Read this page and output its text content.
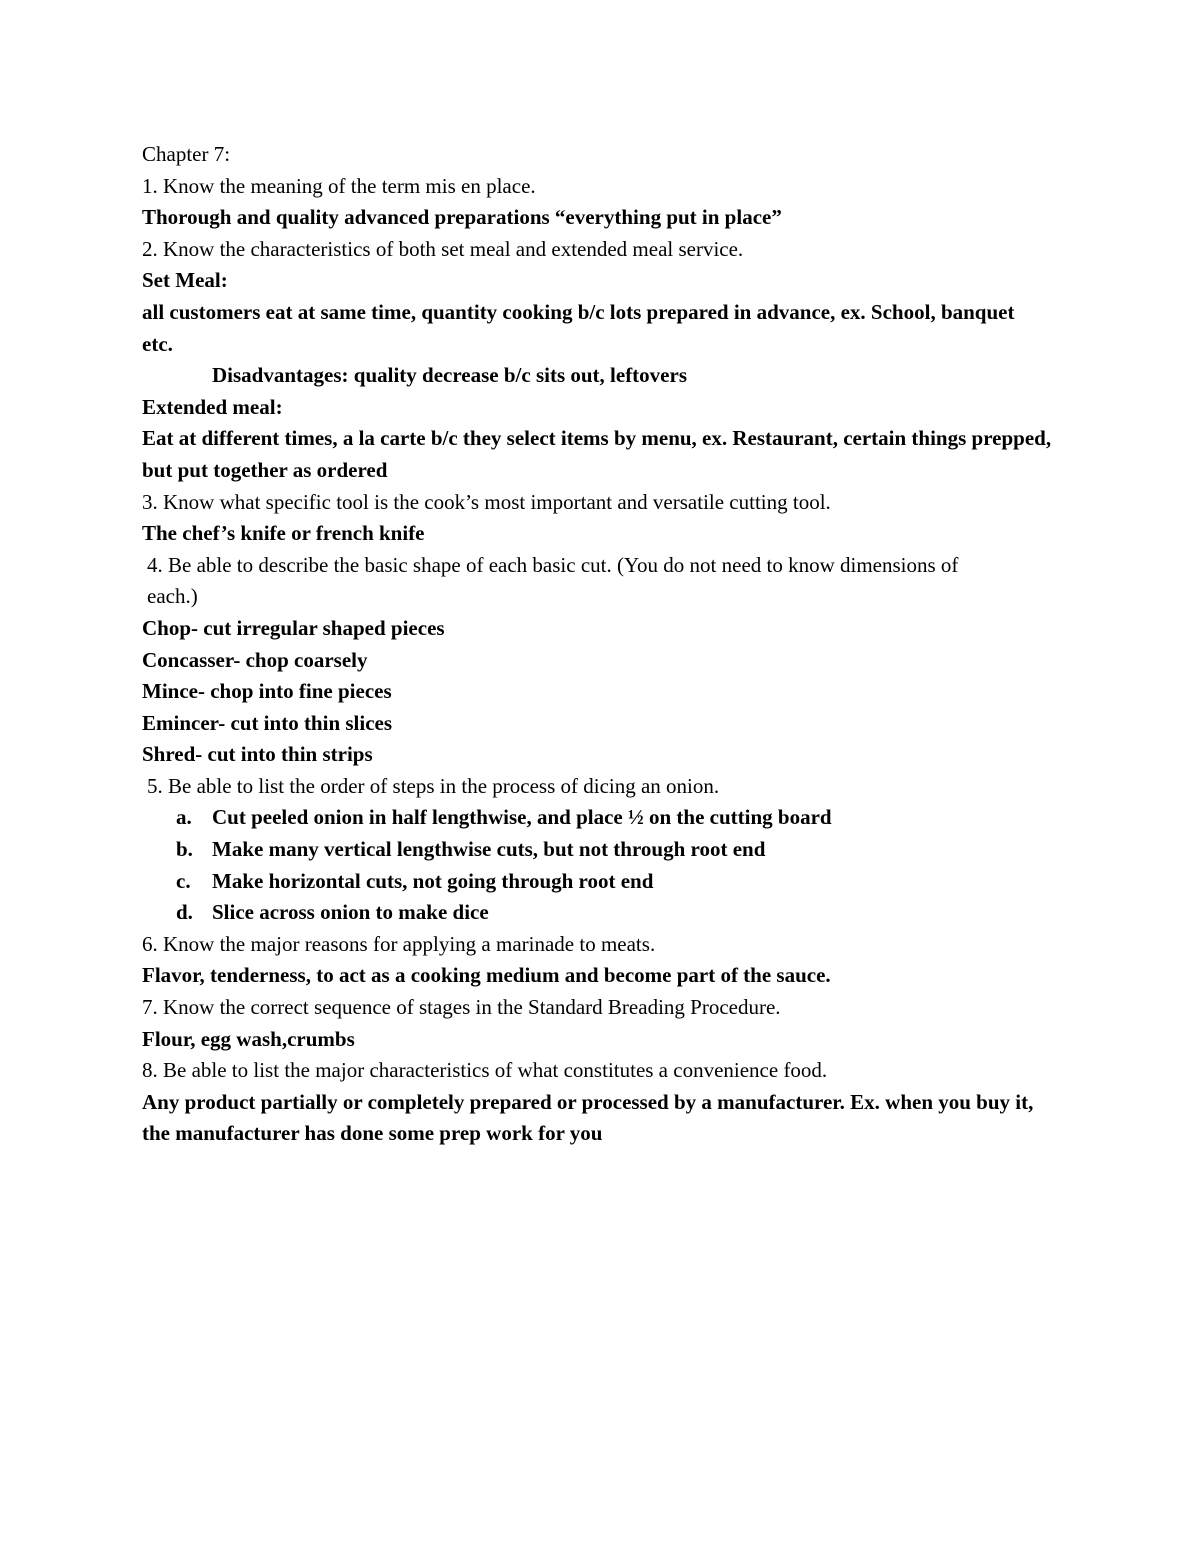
Chapter 7:

1. Know the meaning of the term mis en place.

Thorough and quality advanced preparations “everything put in place”

2. Know the characteristics of both set meal and extended meal service.

Set Meal:

all customers eat at same time, quantity cooking b/c lots prepared in advance, ex. School, banquet etc.

Disadvantages: quality decrease b/c sits out, leftovers

Extended meal:

Eat at different times, a la carte b/c they select items by menu, ex. Restaurant, certain things prepped, but put together as ordered

3. Know what specific tool is the cook’s most important and versatile cutting tool.

The chef’s knife or french knife

4. Be able to describe the basic shape of each basic cut. (You do not need to know dimensions of each.)

Chop- cut irregular shaped pieces

Concasser- chop coarsely

Mince- chop into fine pieces

Emincer- cut into thin slices

Shred- cut into thin strips

5. Be able to list the order of steps in the process of dicing an onion.

a. Cut peeled onion in half lengthwise, and place ½ on the cutting board
b. Make many vertical lengthwise cuts, but not through root end
c.	Make horizontal cuts, not going through root end
d. Slice across onion to make dice

6. Know the major reasons for applying a marinade to meats.

Flavor, tenderness, to act as a cooking medium and become part of the sauce.

7. Know the correct sequence of stages in the Standard Breading Procedure.

Flour, egg wash,crumbs

8. Be able to list the major characteristics of what constitutes a convenience food.

Any product partially or completely prepared or processed by a manufacturer. Ex. when you buy it, the manufacturer has done some prep work for you
